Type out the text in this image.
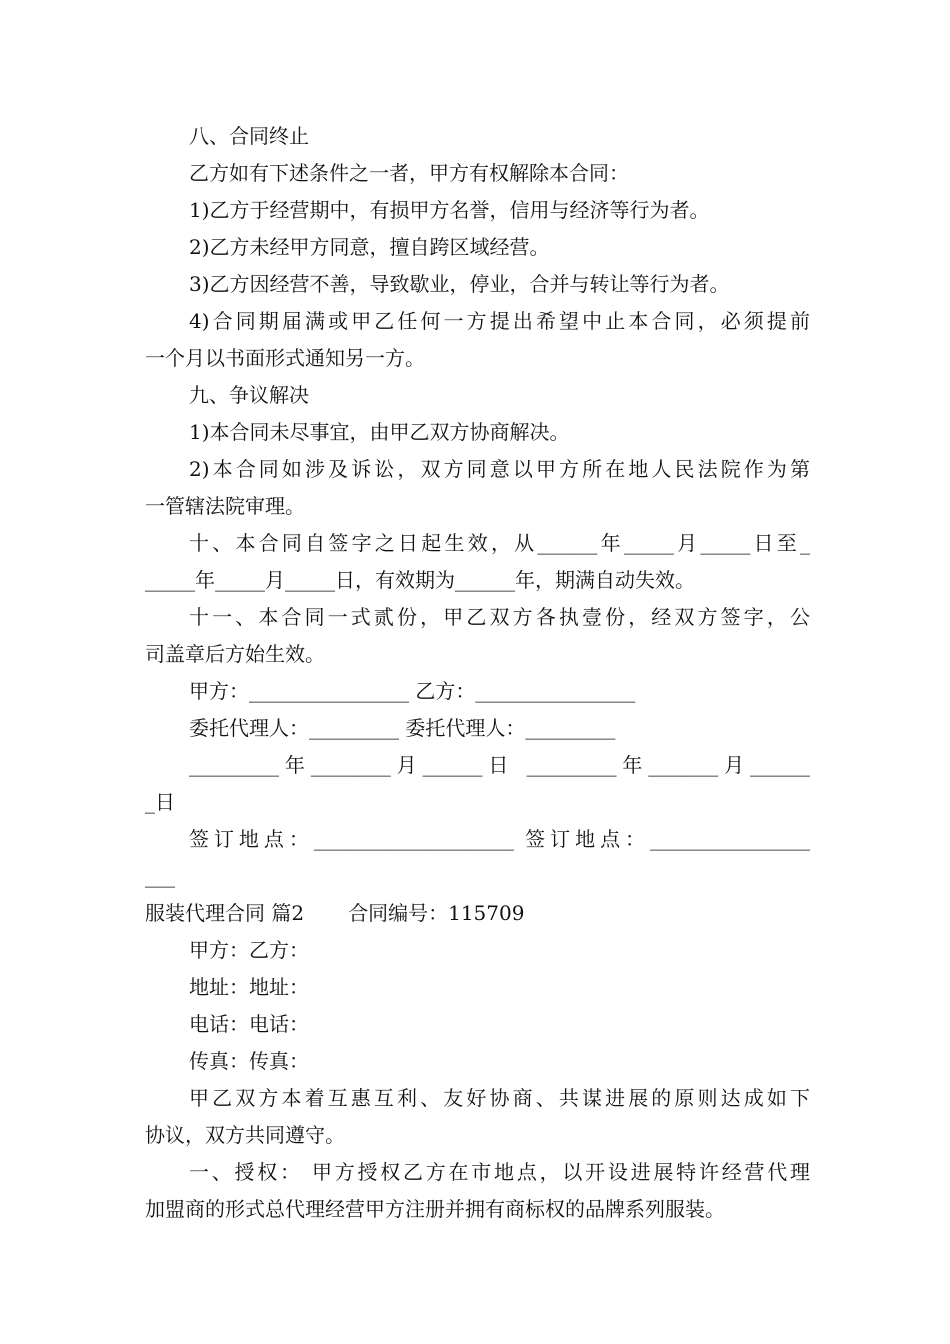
八、合同终止
乙方如有下述条件之一者，甲方有权解除本合同：
1)乙方于经营期中，有损甲方名誉，信用与经济等行为者。
2)乙方未经甲方同意，擅自跨区域经营。
3)乙方因经营不善，导致歇业，停业，合并与转让等行为者。
4)合同期届满或甲乙任何一方提出希望中止本合同，必须提前
一个月以书面形式通知另一方。
九、争议解决
1)本合同未尽事宜，由甲乙双方协商解决。
2)本合同如涉及诉讼，双方同意以甲方所在地人民法院作为第
一管辖法院审理。
十、本合同自签字之日起生效，从______年_____月_____日至_
_____年_____月_____日，有效期为______年，期满自动失效。
十一、本合同一式贰份，甲乙双方各执壹份，经双方签字，公
司盖章后方始生效。
甲方：________________ 乙方：________________
委托代理人：_________ 委托代理人：_________
_________年________月______日 _________年_______月______
_日
签订地点：____________________ 签订地点：________________
___
服装代理合同 篇2 合同编号：115709
甲方：乙方：
地址：地址：
电话：电话：
传真：传真：
甲乙双方本着互惠互利、友好协商、共谋进展的原则达成如下
协议，双方共同遵守。
一、授权： 甲方授权乙方在市地点，以开设进展特许经营代理
加盟商的形式总代理经营甲方注册并拥有商标权的品牌系列服装。
